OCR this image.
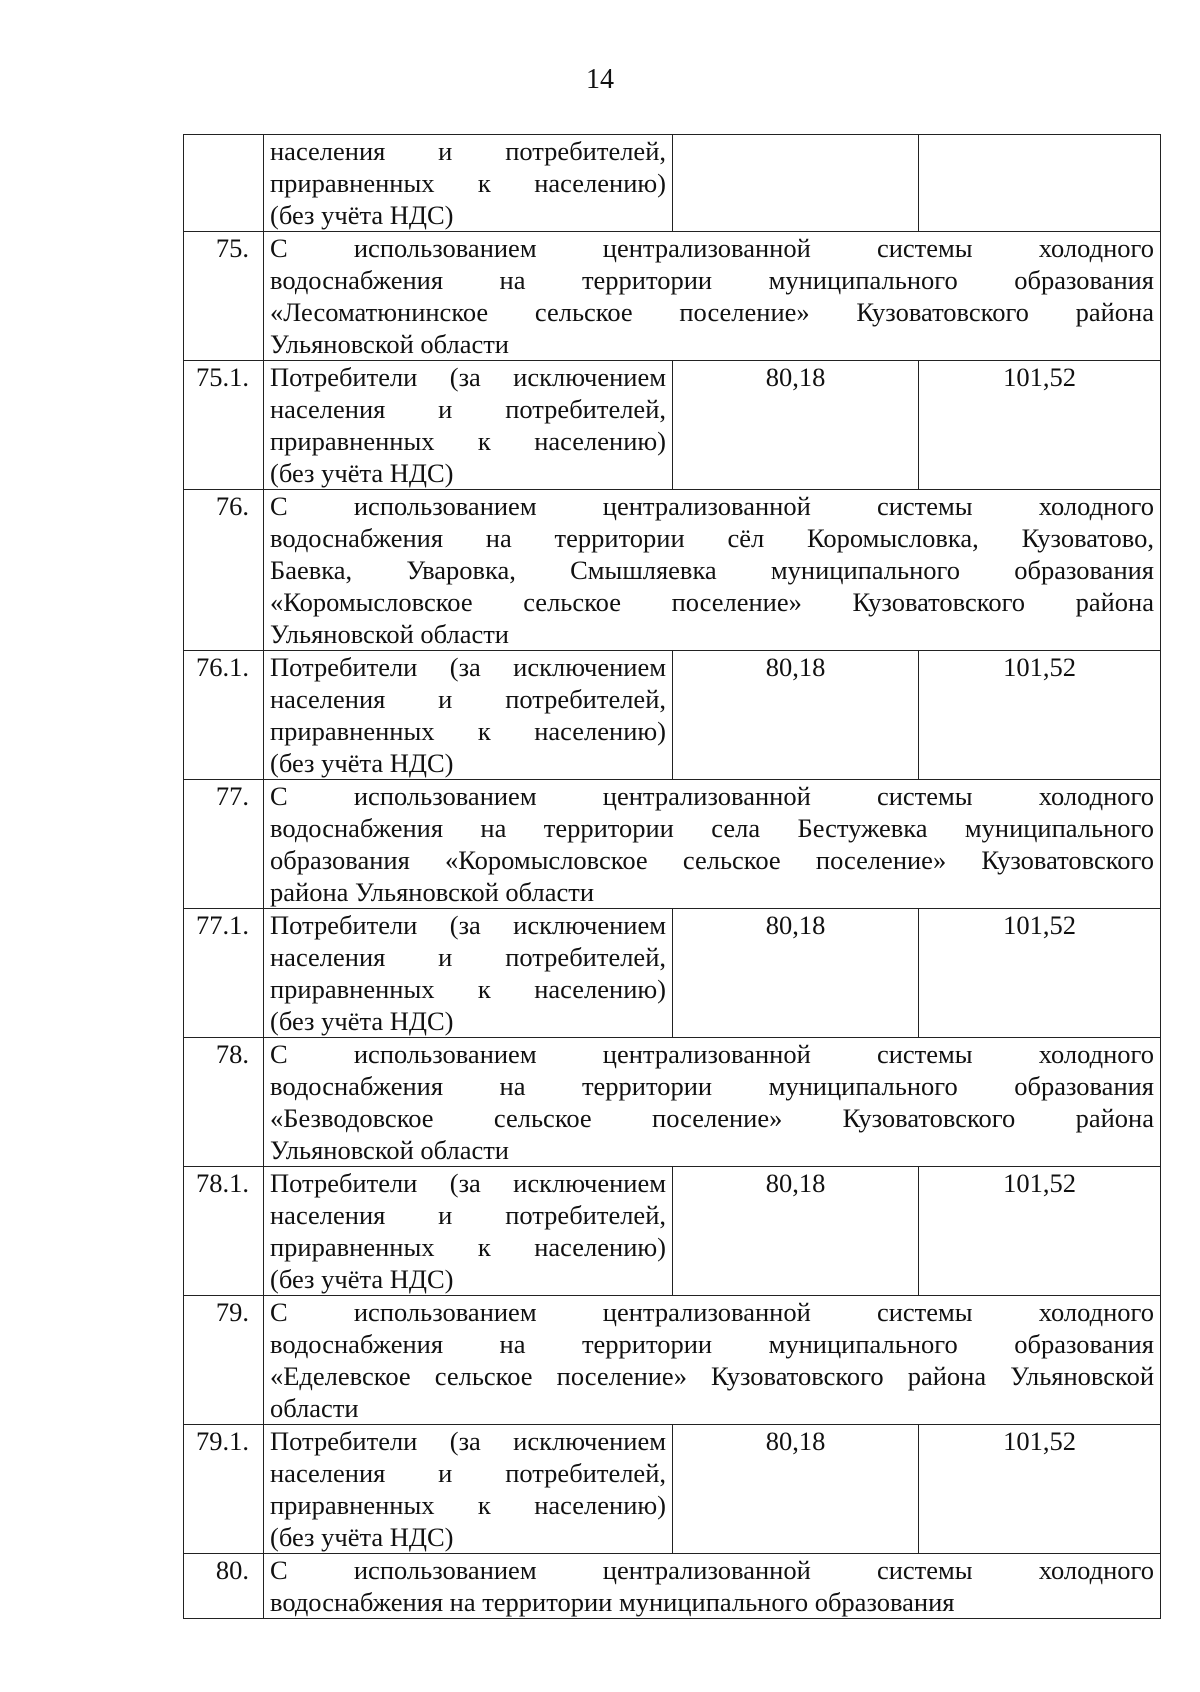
14

	населения и потребителей,
приравненных к населению)
(без учёта НДС)		

75.	С использованием централизованной системы холодного
водоснабжения на территории муниципального образования
«Лесоматюнинское сельское поселение» Кузоватовского района
Ульяновской области		

75.1.	Потребители (за исключением
населения и потребителей,
приравненных к населению)
(без учёта НДС)	80,18	101,52
76.	С использованием централизованной системы холодного
водоснабжения на территории сёл Коромысловка, Кузоватово,
Баевка, Уваровка, Смышляевка муниципального образования
«Коромысловское сельское поселение» Кузоватовского района
Ульяновской области		

76.1.	Потребители (за исключением
населения и потребителей,
приравненных к населению)
(без учёта НДС)	80,18	101,52
77.	С использованием централизованной системы холодного
водоснабжения на территории села Бестужевка муниципального
образования «Коромысловское сельское поселение» Кузоватовского
района Ульяновской области		

77.1.	Потребители (за исключением
населения и потребителей,
приравненных к населению)
(без учёта НДС)	80,18	101,52
78.	С использованием централизованной системы холодного
водоснабжения на территории муниципального образования
«Безводовское сельское поселение» Кузоватовского района
Ульяновской области		

78.1.	Потребители (за исключением
населения и потребителей,
приравненных к населению)
(без учёта НДС)	80,18	101,52
79.	С использованием централизованной системы холодного
водоснабжения на территории муниципального образования
«Еделевское сельское поселение» Кузоватовского района Ульяновской
области		

79.1.	Потребители (за исключением
населения и потребителей,
приравненных к населению)
(без учёта НДС)	80,18	101,52
80.	С использованием централизованной системы холодного
водоснабжения на территории муниципального образования		
